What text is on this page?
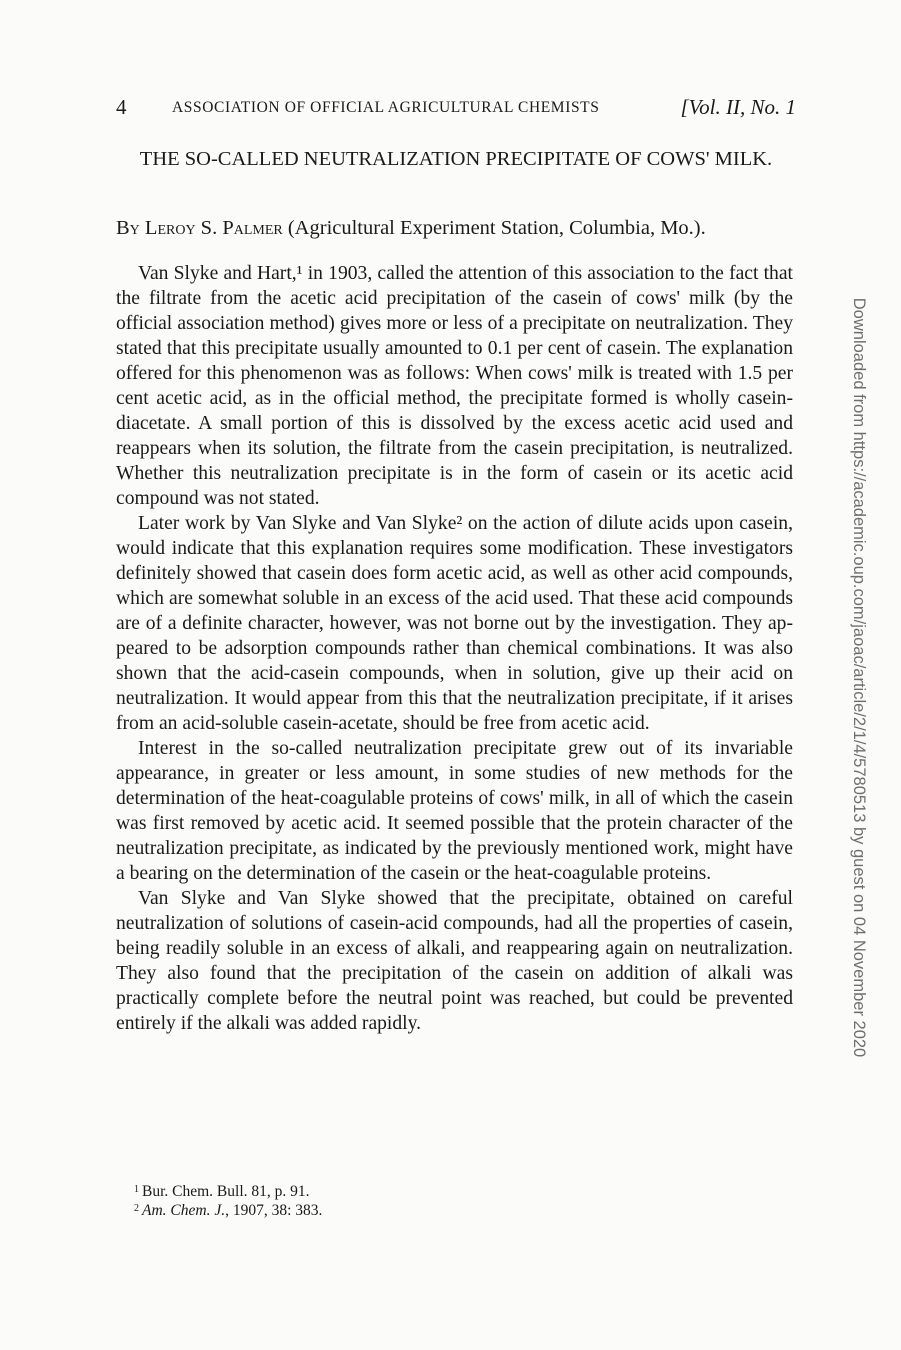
4	ASSOCIATION OF OFFICIAL AGRICULTURAL CHEMISTS	[Vol. II, No. 1
THE SO-CALLED NEUTRALIZATION PRECIPITATE OF COWS' MILK.
By Leroy S. Palmer (Agricultural Experiment Station, Columbia, Mo.).

Van Slyke and Hart,¹ in 1903, called the attention of this association to the fact that the filtrate from the acetic acid precipitation of the casein of cows' milk (by the official association method) gives more or less of a precipitate on neutralization. They stated that this precipitate usually amounted to 0.1 per cent of casein. The explanation offered for this phenomenon was as follows: When cows' milk is treated with 1.5 per cent acetic acid, as in the official method, the precipitate formed is wholly casein-diacetate. A small portion of this is dissolved by the excess acetic acid used and reappears when its solution, the filtrate from the casein precipitation, is neutralized. Whether this neutralization precipitate is in the form of casein or its acetic acid compound was not stated.

Later work by Van Slyke and Van Slyke² on the action of dilute acids upon casein, would indicate that this explanation requires some modification. These investigators definitely showed that casein does form acetic acid, as well as other acid compounds, which are somewhat soluble in an excess of the acid used. That these acid compounds are of a definite character, however, was not borne out by the investigation. They appeared to be adsorption compounds rather than chemical combinations. It was also shown that the acid-casein compounds, when in solution, give up their acid on neutralization. It would appear from this that the neutralization precipitate, if it arises from an acid-soluble casein-acetate, should be free from acetic acid.

Interest in the so-called neutralization precipitate grew out of its invariable appearance, in greater or less amount, in some studies of new methods for the determination of the heat-coagulable proteins of cows' milk, in all of which the casein was first removed by acetic acid. It seemed possible that the protein character of the neutralization precipitate, as indicated by the previously mentioned work, might have a bearing on the determination of the casein or the heat-coagulable proteins.

Van Slyke and Van Slyke showed that the precipitate, obtained on careful neutralization of solutions of casein-acid compounds, had all the properties of casein, being readily soluble in an excess of alkali, and reappearing again on neutralization. They also found that the precipitation of the casein on addition of alkali was practically complete before the neutral point was reached, but could be prevented entirely if the alkali was added rapidly.

$^1$ Bur. Chem. Bull. 81, p. 91.
$^2$ Am. Chem. J., 1907, 38: 383.
Downloaded from https://academic.oup.com/jaoac/article/2/1/4/5780513 by guest on 04 November 2020
